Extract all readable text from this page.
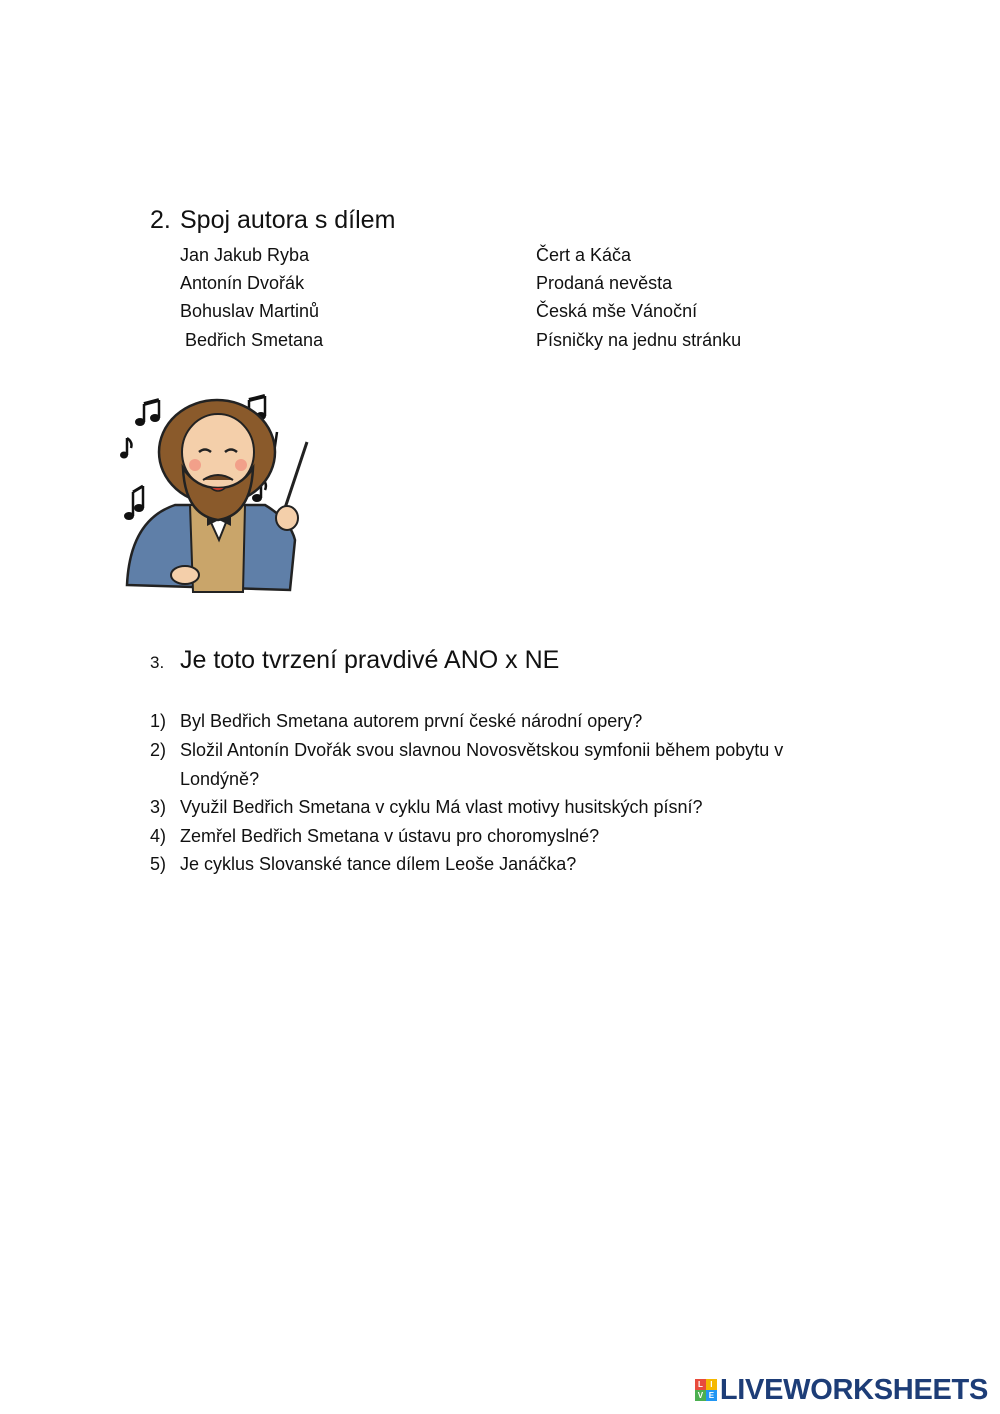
2. Spoj autora s dílem
Jan Jakub Ryba
Antonín Dvořák
Bohuslav Martinů
Bedřich Smetana
Čert a Káča
Prodaná nevěsta
Česká mše Vánoční
Písničky na jednu stránku
3. Je toto tvrzení pravdivé ANO x NE
1) Byl Bedřich Smetana autorem první české národní opery?
2) Složil Antonín Dvořák svou slavnou Novosvětskou symfonii během pobytu v Londýně?
3) Využil Bedřich Smetana v cyklu Má vlast motivy husitských písní?
4) Zemřel Bedřich Smetana v ústavu pro choromyslné?
5) Je cyklus Slovanské tance dílem Leoše Janáčka?
L I
V E LIVEWORKSHEETS
